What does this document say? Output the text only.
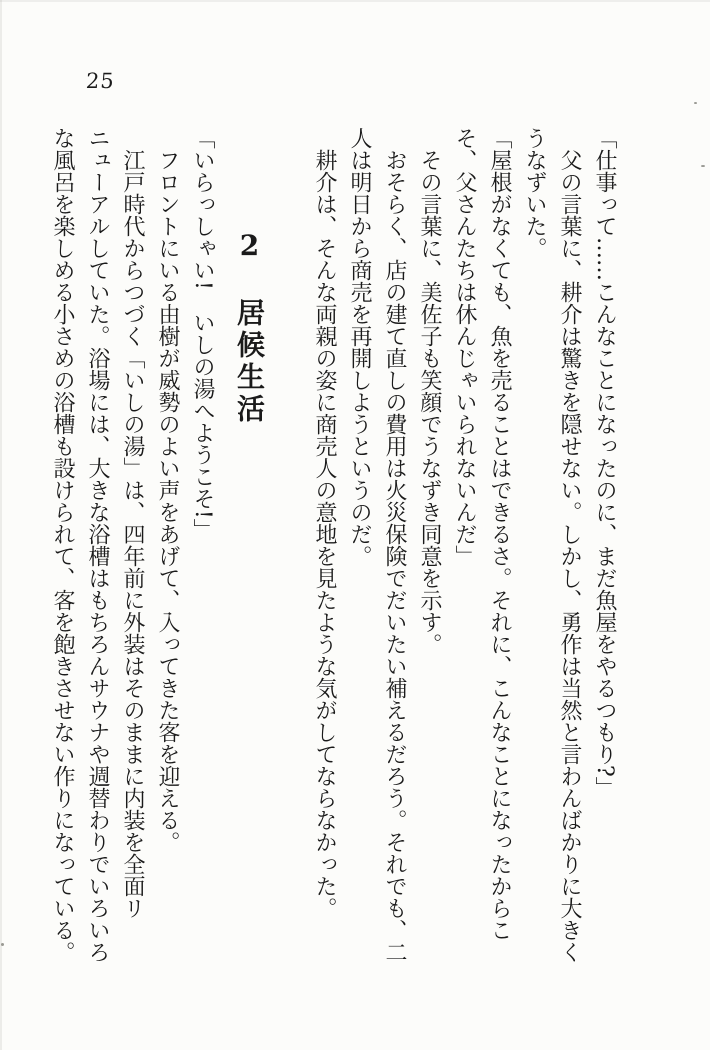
25

「仕事って……こんなことになったのに、まだ魚屋をやるつもり?」

父の言葉に、耕介は驚きを隠せない。しかし、勇作は当然と言わんばかりに大きくうなずいた。

「屋根がなくても、魚を売ることはできるさ。それに、こんなことになったからこそ、父さんたちは休んじゃいられないんだ」

その言葉に、美佐子も笑顔でうなずき同意を示す。

おそらく、店の建て直しの費用は火災保険でだいたい補えるだろう。それでも、二人は明日から商売を再開しようというのだ。

耕介は、そんな両親の姿に商売人の意地を見たような気がしてならなかった。

2　居候生活

「いらっしゃい!　いしの湯へようこそ!」

フロントにいる由樹が威勢のよい声をあげて、入ってきた客を迎える。

江戸時代からつづく「いしの湯」は、四年前に外装はそのままに内装を全面リニューアルしていた。浴場には、大きな浴槽はもちろんサウナや週替わりでいろいろな風呂を楽しめる小さめの浴槽も設けられて、客を飽きさせない作りになっている。
